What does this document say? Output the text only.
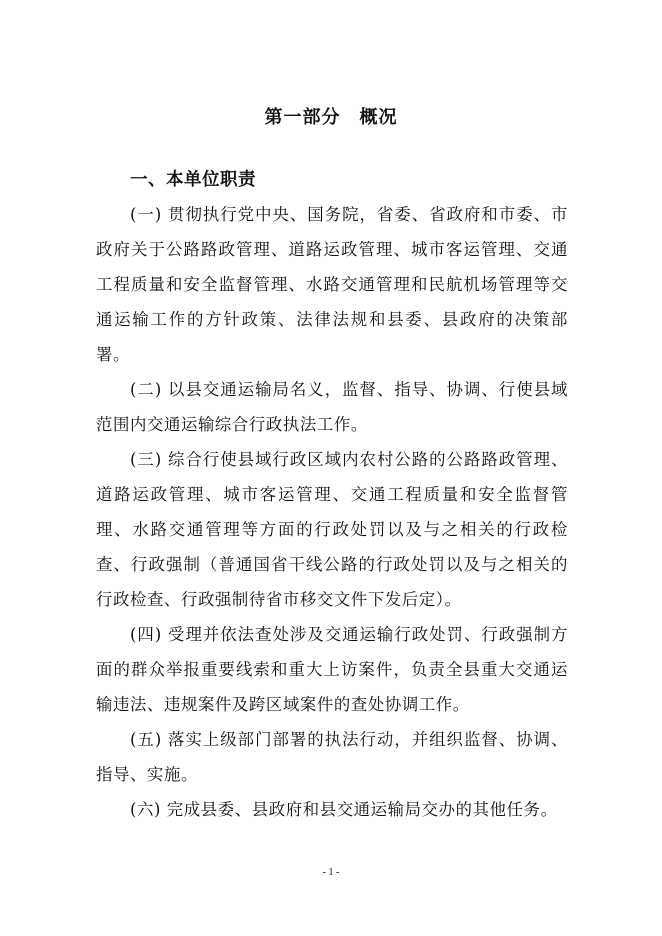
第一部分　概况
一、本单位职责

(一) 贯彻执行党中央、国务院，省委、省政府和市委、市政府关于公路路政管理、道路运政管理、城市客运管理、交通工程质量和安全监督管理、水路交通管理和民航机场管理等交通运输工作的方针政策、法律法规和县委、县政府的决策部署。

(二) 以县交通运输局名义，监督、指导、协调、行使县域范围内交通运输综合行政执法工作。

(三) 综合行使县域行政区域内农村公路的公路路政管理、道路运政管理、城市客运管理、交通工程质量和安全监督管理、水路交通管理等方面的行政处罚以及与之相关的行政检查、行政强制（普通国省干线公路的行政处罚以及与之相关的行政检查、行政强制待省市移交文件下发后定）。

(四) 受理并依法查处涉及交通运输行政处罚、行政强制方面的群众举报重要线索和重大上访案件，负责全县重大交通运输违法、违规案件及跨区域案件的查处协调工作。

(五) 落实上级部门部署的执法行动，并组织监督、协调、指导、实施。

(六) 完成县委、县政府和县交通运输局交办的其他任务。

- 1 -
